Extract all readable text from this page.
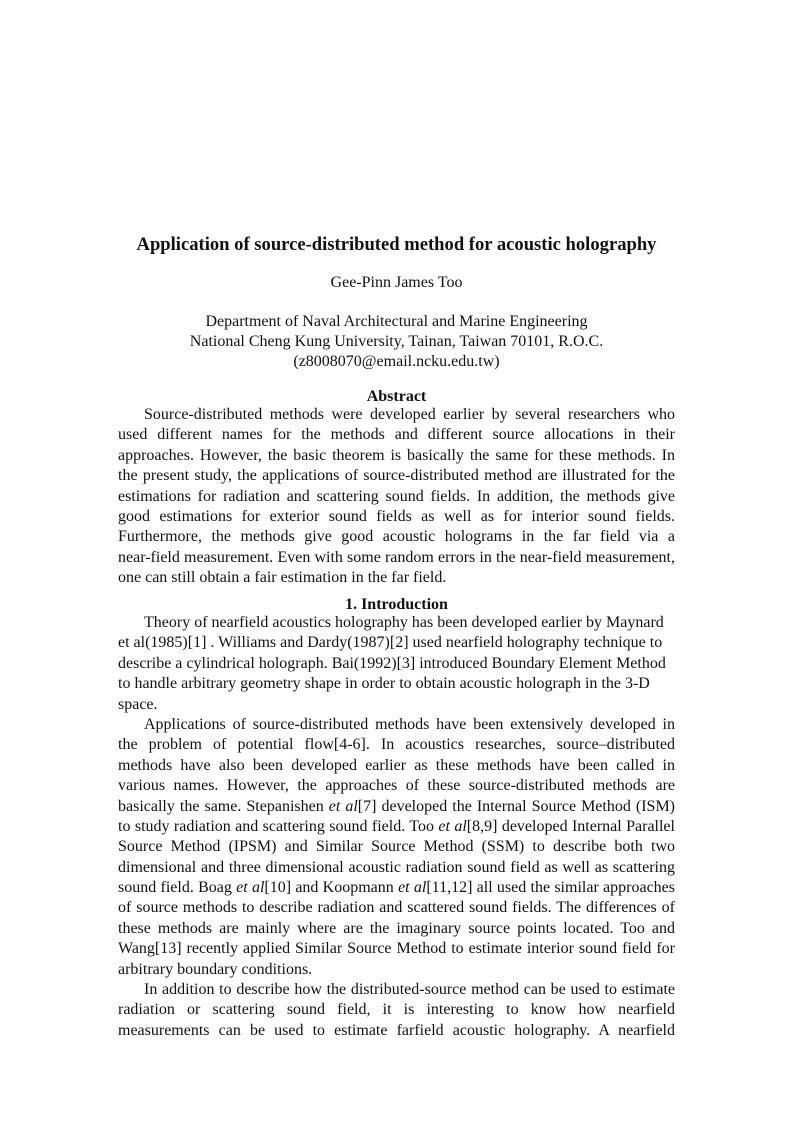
Application of source-distributed method for acoustic holography
Gee-Pinn James Too
Department of Naval Architectural and Marine Engineering
National Cheng Kung University, Tainan, Taiwan 70101, R.O.C.
(z8008070@email.ncku.edu.tw)
Abstract
Source-distributed methods were developed earlier by several researchers who
used different names for the methods and different source allocations in their
approaches. However, the basic theorem is basically the same for these methods. In
the present study, the applications of source-distributed method are illustrated for the
estimations for radiation and scattering sound fields. In addition, the methods give
good estimations for exterior sound fields as well as for interior sound fields.
Furthermore, the methods give good acoustic holograms in the far field via a
near-field measurement. Even with some random errors in the near-field measurement,
one can still obtain a fair estimation in the far field.
1. Introduction
Theory of nearfield acoustics holography has been developed earlier by Maynard
et al(1985)[1] . Williams and Dardy(1987)[2] used nearfield holography technique to
describe a cylindrical holograph. Bai(1992)[3] introduced Boundary Element Method
to handle arbitrary geometry shape in order to obtain acoustic holograph in the 3-D
space.
Applications of source-distributed methods have been extensively developed in
the problem of potential flow[4-6]. In acoustics researches, source–distributed
methods have also been developed earlier as these methods have been called in
various names. However, the approaches of these source-distributed methods are
basically the same. Stepanishen et al[7] developed the Internal Source Method (ISM)
to study radiation and scattering sound field. Too et al[8,9] developed Internal Parallel
Source Method (IPSM) and Similar Source Method (SSM) to describe both two
dimensional and three dimensional acoustic radiation sound field as well as scattering
sound field. Boag et al[10] and Koopmann et al[11,12] all used the similar approaches
of source methods to describe radiation and scattered sound fields. The differences of
these methods are mainly where are the imaginary source points located. Too and
Wang[13] recently applied Similar Source Method to estimate interior sound field for
arbitrary boundary conditions.
In addition to describe how the distributed-source method can be used to estimate
radiation or scattering sound field, it is interesting to know how nearfield
measurements can be used to estimate farfield acoustic holography. A nearfield
